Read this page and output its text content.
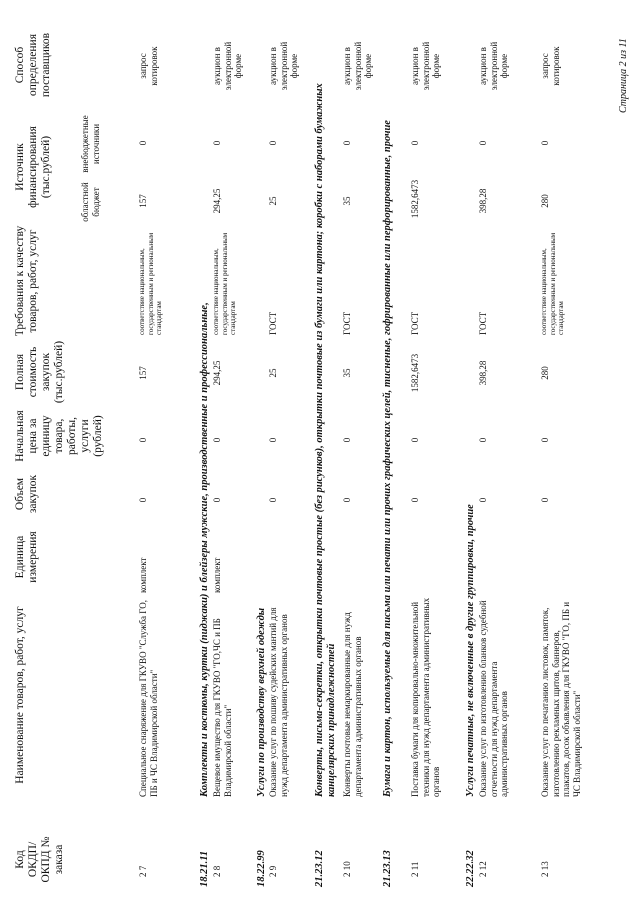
Код ОКДП/ ОКПД № заказа
Наименование товаров, работ, услуг
Единица измерения
Объем закупок
Начальная цена за единицу товара, работы, услуги (рублей)
Полная стоимость закупок (тыс.рублей)
Требования к качеству товаров, работ, услуг
Источник финансирования (тыс.рублей)
областной бюджет
внебюджетные источники
Способ определения поставщиков
2 7
Специальное снаряжение для ГКУВО "Служба ГО, ПБ и ЧС Владимирской области"
комплект
0
0
157
соответствие национальным, государственным и региональным стандартам
157
0
запрос котировок
18.21.11
Комплекты и костюмы, куртки (пиджаки) и блейзеры мужские, производственные и профессиональные,
2 8
Вещевое имущество для ГКУВО "ГО,ЧС и ПБ Владимирской области"
комплект
0
0
294,25
соответствие национальным, государственным и региональным стандартам
294,25
0
аукцион в электронной форме
18.22.99
Услуги по производству верхней одежды
2 9
Оказание услуг по пошиву судейских мантий для нужд департамента административных органов
0
0
25
ГОСТ
25
0
аукцион в электронной форме
21.23.12
Конверты, письма-секретки, открытки почтовые простые (без рисунков), открытки почтовые из бумаги или картона; коробки с наборами бумажных канцелярских принадлежностей
2 10
Конверты почтовые немаркированные для нужд департамента административных органов
0
0
35
ГОСТ
35
0
аукцион в электронной форме
21.23.13
Бумага и картон, используемые для письма или печати или прочих графических целей, тисненые, гофрированные или перфорированные, прочие
2 11
Поставка бумаги для копировально-множительной техники для нужд департамента административных органов
0
0
1582,6473
ГОСТ
1582,6473
0
аукцион в электронной форме
22.22.32
Услуги печатные, не включенные в другие группировки, прочие
2 12
Оказание услуг по изготовлению бланков судебной отчетности для нужд департамента административных органов
0
0
398,28
ГОСТ
398,28
0
аукцион в электронной форме
2 13
Оказание услуг по печатанию листовок, памяток, изготовлению рекламных щитов, баннеров, плакатов, досок объявления для ГКУВО "ГО, ПБ и ЧС Владимирской области"
0
0
280
соответствие национальным, государственным и региональным стандартам
280
0
запрос котировок	Страница 2 из 11
